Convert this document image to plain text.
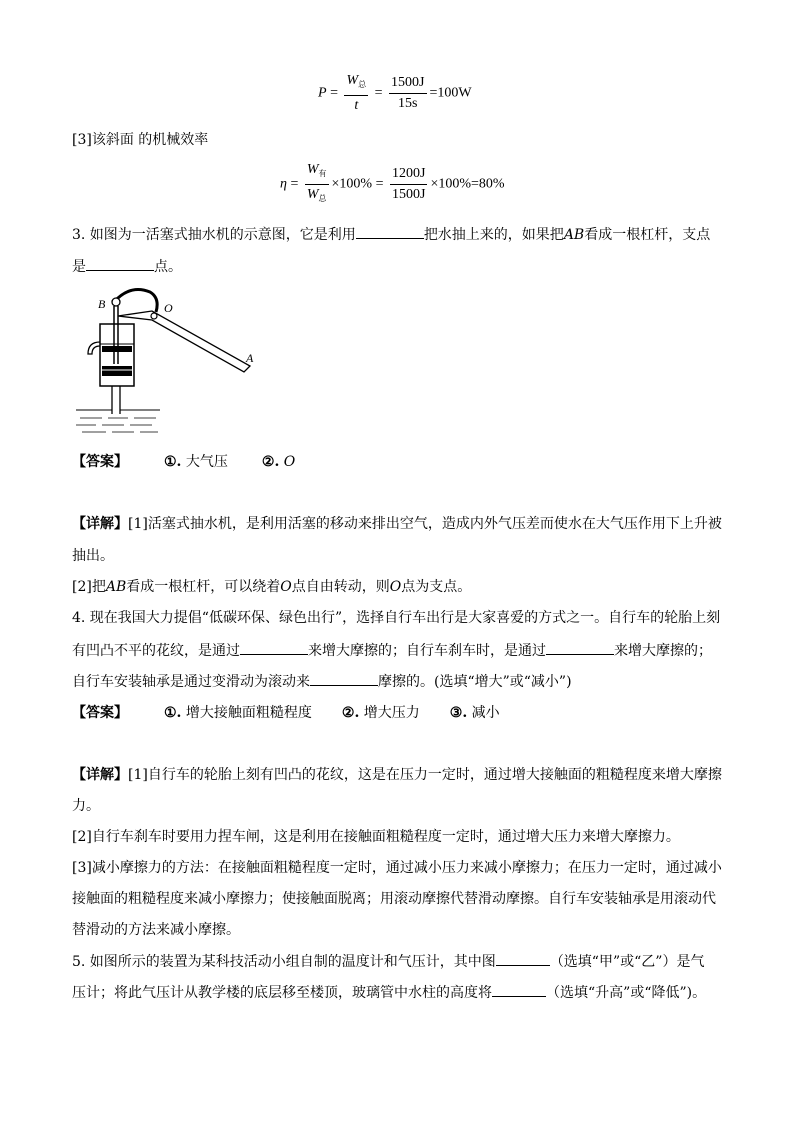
$P = \frac{W_总}{t} = \frac{1500J}{15s} =100W$
[3]该斜面 的机械效率
$\eta = \frac{W_有}{W_总} \times 100\% = \frac{1200J}{1500J} \times 100\%=80\%$
3. 如图为一活塞式抽水机的示意图，它是利用	把水抽上来的，如果把AB看成一根杠杆，支点
是	点。
B	O
A
【答案】	①. 大气压 ②. O
【详解】[1]活塞式抽水机，是利用活塞的移动来排出空气，造成内外气压差而使水在大气压作用下上升被
抽出。
[2]把AB看成一根杠杆，可以绕着O点自由转动，则O点为支点。
4. 现在我国大力提倡“低碳环保、绿色出行”，选择自行车出行是大家喜爱的方式之一。自行车的轮胎上刻
有凹凸不平的花纹，是通过	来增大摩擦的；自行车刹车时，是通过	来增大摩擦的；
自行车安装轴承是通过变滑动为滚动来	摩擦的。(选填“增大”或“减小”)
【答案】	①. 增大接触面粗糙程度 ②. 增大压力 ③. 减小
【详解】[1]自行车的轮胎上刻有凹凸的花纹，这是在压力一定时，通过增大接触面的粗糙程度来增大摩擦
力。
[2]自行车刹车时要用力捏车闸，这是利用在接触面粗糙程度一定时，通过增大压力来增大摩擦力。
[3]减小摩擦力的方法：在接触面粗糙程度一定时，通过减小压力来减小摩擦力；在压力一定时，通过减小
接触面的粗糙程度来减小摩擦力；使接触面脱离；用滚动摩擦代替滑动摩擦。自行车安装轴承是用滚动代
替滑动的方法来减小摩擦。
5. 如图所示的装置为某科技活动小组自制的温度计和气压计，其中图	（选填“甲”或“乙”）是气
压计；将此气压计从教学楼的底层移至楼顶，玻璃管中水柱的高度将	（选填“升高”或“降低”)。
